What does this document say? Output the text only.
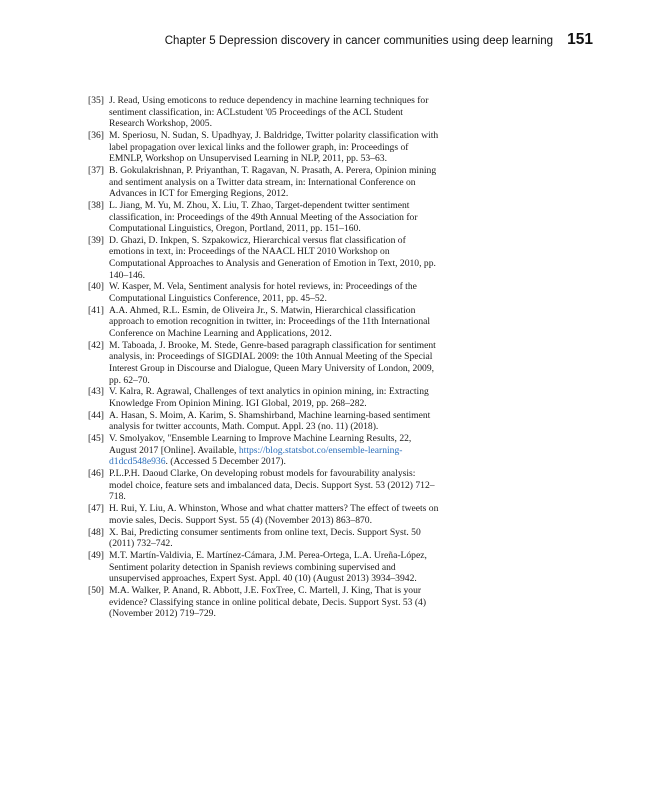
Chapter 5 Depression discovery in cancer communities using deep learning 151
[35] J. Read, Using emoticons to reduce dependency in machine learning techniques for sentiment classification, in: ACLstudent '05 Proceedings of the ACL Student Research Workshop, 2005.
[36] M. Speriosu, N. Sudan, S. Upadhyay, J. Baldridge, Twitter polarity classification with label propagation over lexical links and the follower graph, in: Proceedings of EMNLP, Workshop on Unsupervised Learning in NLP, 2011, pp. 53–63.
[37] B. Gokulakrishnan, P. Priyanthan, T. Ragavan, N. Prasath, A. Perera, Opinion mining and sentiment analysis on a Twitter data stream, in: International Conference on Advances in ICT for Emerging Regions, 2012.
[38] L. Jiang, M. Yu, M. Zhou, X. Liu, T. Zhao, Target-dependent twitter sentiment classification, in: Proceedings of the 49th Annual Meeting of the Association for Computational Linguistics, Oregon, Portland, 2011, pp. 151–160.
[39] D. Ghazi, D. Inkpen, S. Szpakowicz, Hierarchical versus flat classification of emotions in text, in: Proceedings of the NAACL HLT 2010 Workshop on Computational Approaches to Analysis and Generation of Emotion in Text, 2010, pp. 140–146.
[40] W. Kasper, M. Vela, Sentiment analysis for hotel reviews, in: Proceedings of the Computational Linguistics Conference, 2011, pp. 45–52.
[41] A.A. Ahmed, R.L. Esmin, de Oliveira Jr., S. Matwin, Hierarchical classification approach to emotion recognition in twitter, in: Proceedings of the 11th International Conference on Machine Learning and Applications, 2012.
[42] M. Taboada, J. Brooke, M. Stede, Genre-based paragraph classification for sentiment analysis, in: Proceedings of SIGDIAL 2009: the 10th Annual Meeting of the Special Interest Group in Discourse and Dialogue, Queen Mary University of London, 2009, pp. 62–70.
[43] V. Kalra, R. Agrawal, Challenges of text analytics in opinion mining, in: Extracting Knowledge From Opinion Mining. IGI Global, 2019, pp. 268–282.
[44] A. Hasan, S. Moim, A. Karim, S. Shamshirband, Machine learning-based sentiment analysis for twitter accounts, Math. Comput. Appl. 23 (no. 11) (2018).
[45] V. Smolyakov, "Ensemble Learning to Improve Machine Learning Results, 22, August 2017 [Online]. Available, https://blog.statsbot.co/ensemble-learning-d1dcd548e936. (Accessed 5 December 2017).
[46] P.L.P.H. Daoud Clarke, On developing robust models for favourability analysis: model choice, feature sets and imbalanced data, Decis. Support Syst. 53 (2012) 712–718.
[47] H. Rui, Y. Liu, A. Whinston, Whose and what chatter matters? The effect of tweets on movie sales, Decis. Support Syst. 55 (4) (November 2013) 863–870.
[48] X. Bai, Predicting consumer sentiments from online text, Decis. Support Syst. 50 (2011) 732–742.
[49] M.T. Martín-Valdivia, E. Martínez-Cámara, J.M. Perea-Ortega, L.A. Ureña-López, Sentiment polarity detection in Spanish reviews combining supervised and unsupervised approaches, Expert Syst. Appl. 40 (10) (August 2013) 3934–3942.
[50] M.A. Walker, P. Anand, R. Abbott, J.E. FoxTree, C. Martell, J. King, That is your evidence? Classifying stance in online political debate, Decis. Support Syst. 53 (4) (November 2012) 719–729.
